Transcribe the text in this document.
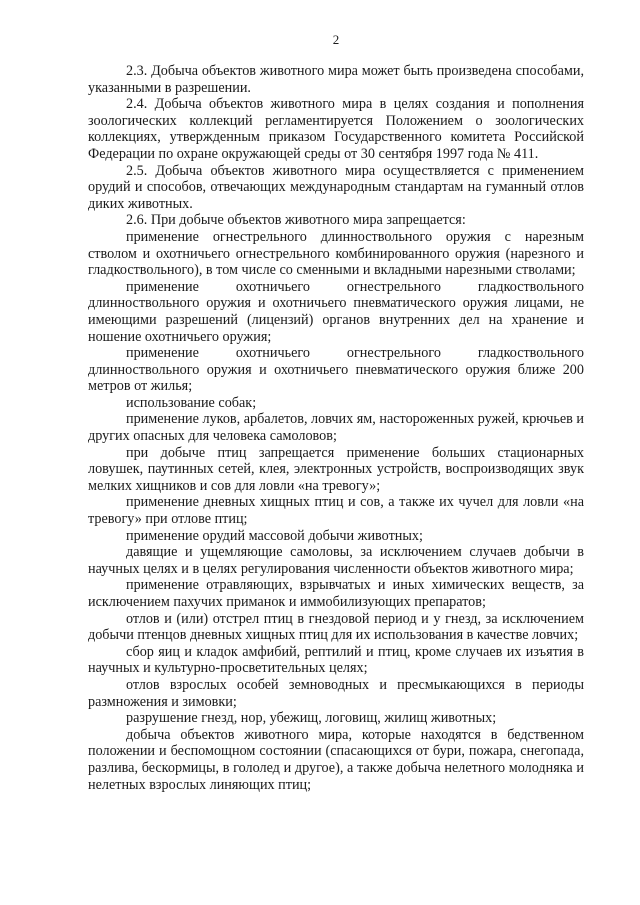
2

2.3. Добыча объектов животного мира может быть произведена способами, указанными в разрешении.

2.4. Добыча объектов животного мира в целях создания и пополнения зоологических коллекций регламентируется Положением о зоологических коллекциях, утвержденным приказом Государственного комитета Российской Федерации по охране окружающей среды от 30 сентября 1997 года № 411.

2.5. Добыча объектов животного мира осуществляется с применением орудий и способов, отвечающих международным стандартам на гуманный отлов диких животных.

2.6. При добыче объектов животного мира запрещается:

применение огнестрельного длинноствольного оружия с нарезным стволом и охотничьего огнестрельного комбинированного оружия (нарезного и гладкоствольного), в том числе со сменными и вкладными нарезными стволами;

применение охотничьего огнестрельного гладкоствольного длинноствольного оружия и охотничьего пневматического оружия лицами, не имеющими разрешений (лицензий) органов внутренних дел на хранение и ношение охотничьего оружия;

применение охотничьего огнестрельного гладкоствольного длинноствольного оружия и охотничьего пневматического оружия ближе 200 метров от жилья;

использование собак;

применение луков, арбалетов, ловчих ям, настороженных ружей, крючьев и других опасных для человека самоловов;

при добыче птиц запрещается применение больших стационарных ловушек, паутинных сетей, клея, электронных устройств, воспроизводящих звук мелких хищников и сов для ловли «на тревогу»;

применение дневных хищных птиц и сов, а также их чучел для ловли «на тревогу» при отлове птиц;

применение орудий массовой добычи животных;

давящие и ущемляющие самоловы, за исключением случаев добычи в научных целях и в целях регулирования численности объектов животного мира;

применение отравляющих, взрывчатых и иных химических веществ, за исключением пахучих приманок и иммобилизующих препаратов;

отлов и (или) отстрел птиц в гнездовой период и у гнезд, за исключением добычи птенцов дневных хищных птиц для их использования в качестве ловчих;

сбор яиц и кладок амфибий, рептилий и птиц, кроме случаев их изъятия в научных и культурно-просветительных целях;

отлов взрослых особей земноводных и пресмыкающихся в периоды размножения и зимовки;

разрушение гнезд, нор, убежищ, логовищ, жилищ животных;

добыча объектов животного мира, которые находятся в бедственном положении и беспомощном состоянии (спасающихся от бури, пожара, снегопада, разлива, бескормицы, в гололед и другое), а также добыча нелетного молодняка и нелетных взрослых линяющих птиц;
